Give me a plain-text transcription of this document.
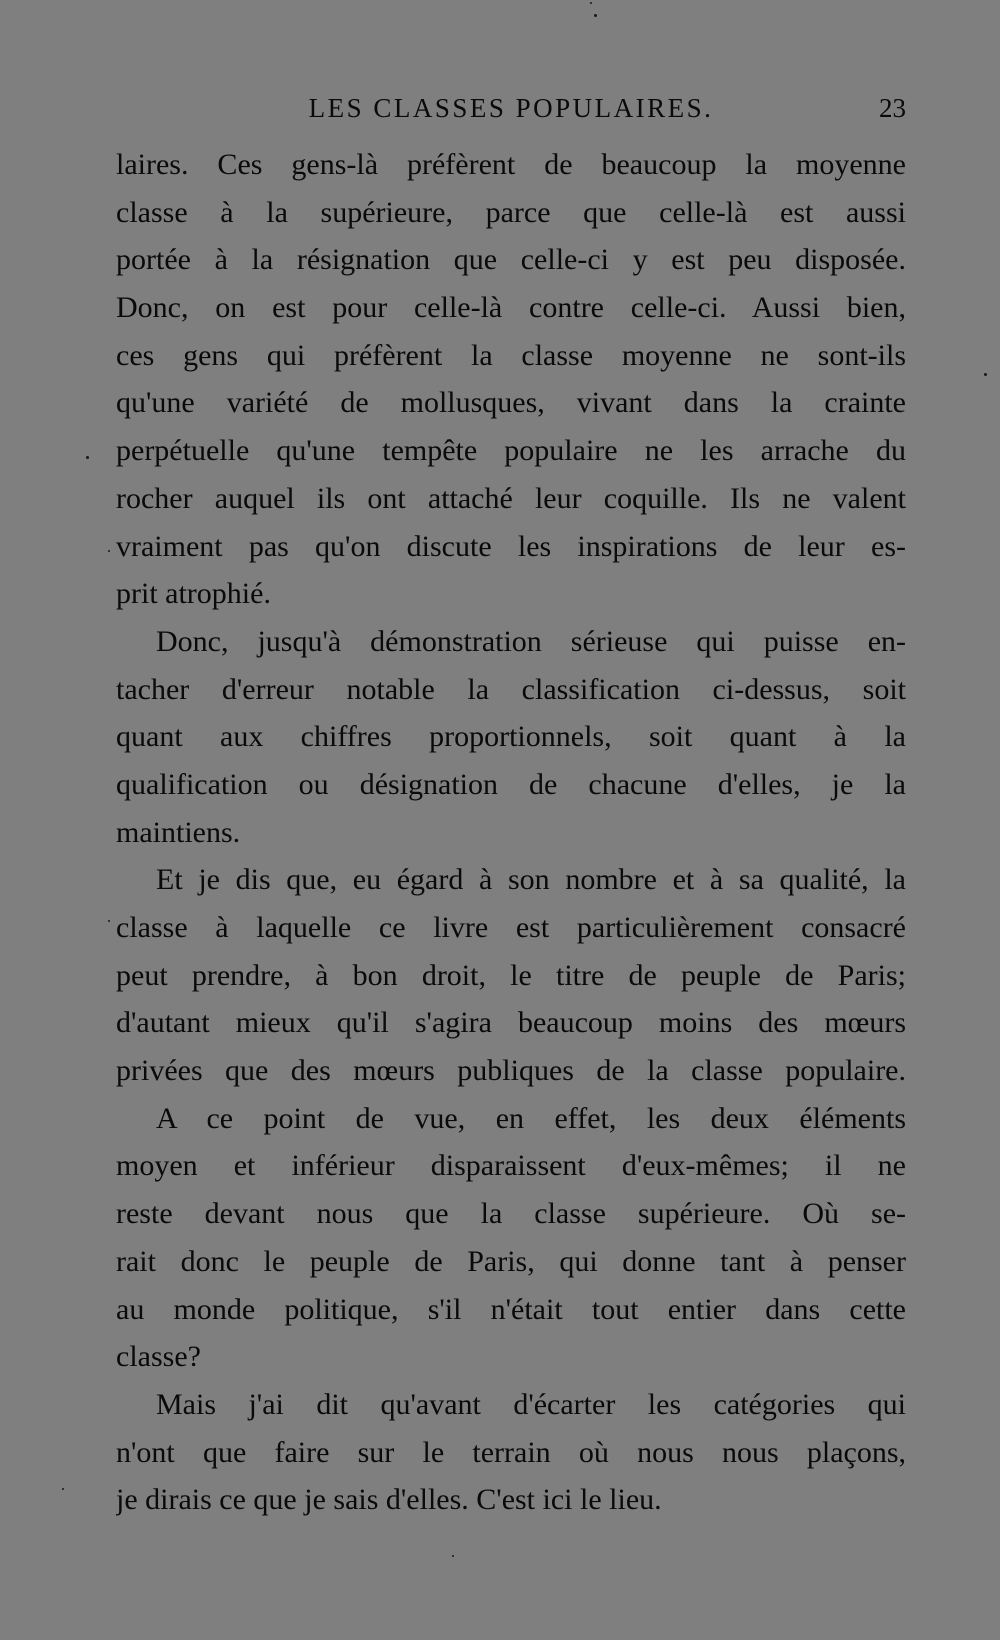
LES CLASSES POPULAIRES.	23
laires. Ces gens-là préfèrent de beaucoup la moyenne
classe à la supérieure, parce que celle-là est aussi
portée à la résignation que celle-ci y est peu disposée.
Donc, on est pour celle-là contre celle-ci. Aussi bien,
ces gens qui préfèrent la classe moyenne ne sont-ils
qu'une variété de mollusques, vivant dans la crainte
perpétuelle qu'une tempête populaire ne les arrache du
rocher auquel ils ont attaché leur coquille. Ils ne valent
vraiment pas qu'on discute les inspirations de leur es-
prit atrophié.
Donc, jusqu'à démonstration sérieuse qui puisse en-
tacher d'erreur notable la classification ci-dessus, soit
quant aux chiffres proportionnels, soit quant à la
qualification ou désignation de chacune d'elles, je la
maintiens.
Et je dis que, eu égard à son nombre et à sa qualité, la
classe à laquelle ce livre est particulièrement consacré
peut prendre, à bon droit, le titre de peuple de Paris;
d'autant mieux qu'il s'agira beaucoup moins des mœurs
privées que des mœurs publiques de la classe populaire.
A ce point de vue, en effet, les deux éléments
moyen et inférieur disparaissent d'eux-mêmes; il ne
reste devant nous que la classe supérieure. Où se-
rait donc le peuple de Paris, qui donne tant à penser
au monde politique, s'il n'était tout entier dans cette
classe?
Mais j'ai dit qu'avant d'écarter les catégories qui
n'ont que faire sur le terrain où nous nous plaçons,
je dirais ce que je sais d'elles. C'est ici le lieu.
